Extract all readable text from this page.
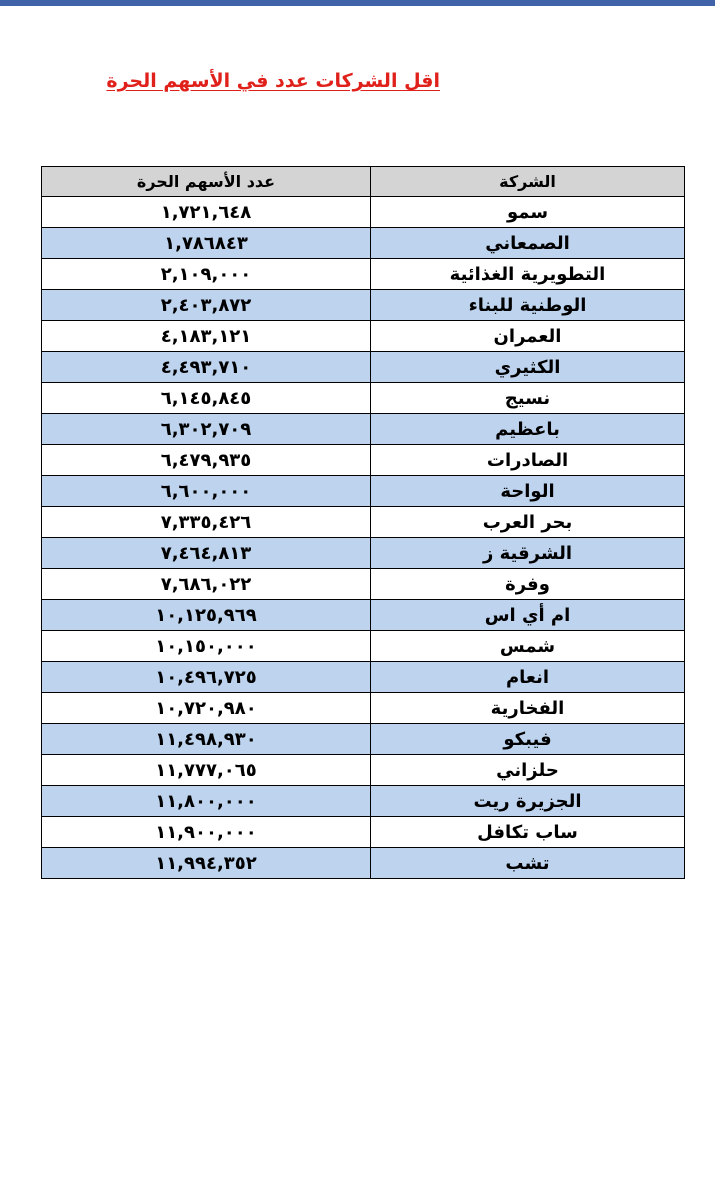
اقل الشركات عدد في الأسهم الحرة
الشركة	عدد الأسهم الحرة
سمو	١,٧٢١,٦٤٨
الصمعاني	١,٧٨٦٨٤٣
التطويرية الغذائية	٢,١٠٩,٠٠٠
الوطنية للبناء	٢,٤٠٣,٨٧٢
العمران	٤,١٨٣,١٢١
الكثيري	٤,٤٩٣,٧١٠
نسيج	٦,١٤٥,٨٤٥
باعظيم	٦,٣٠٢,٧٠٩
الصادرات	٦,٤٧٩,٩٣٥
الواحة	٦,٦٠٠,٠٠٠
بحر العرب	٧,٣٣٥,٤٢٦
الشرقية ز	٧,٤٦٤,٨١٣
وفرة	٧,٦٨٦,٠٢٢
ام أي اس	١٠,١٢٥,٩٦٩
شمس	١٠,١٥٠,٠٠٠
انعام	١٠,٤٩٦,٧٢٥
الفخارية	١٠,٧٢٠,٩٨٠
فيبكو	١١,٤٩٨,٩٣٠
حلزاني	١١,٧٧٧,٠٦٥
الجزيرة ريت	١١,٨٠٠,٠٠٠
ساب تكافل	١١,٩٠٠,٠٠٠
تشب	١١,٩٩٤,٣٥٢
